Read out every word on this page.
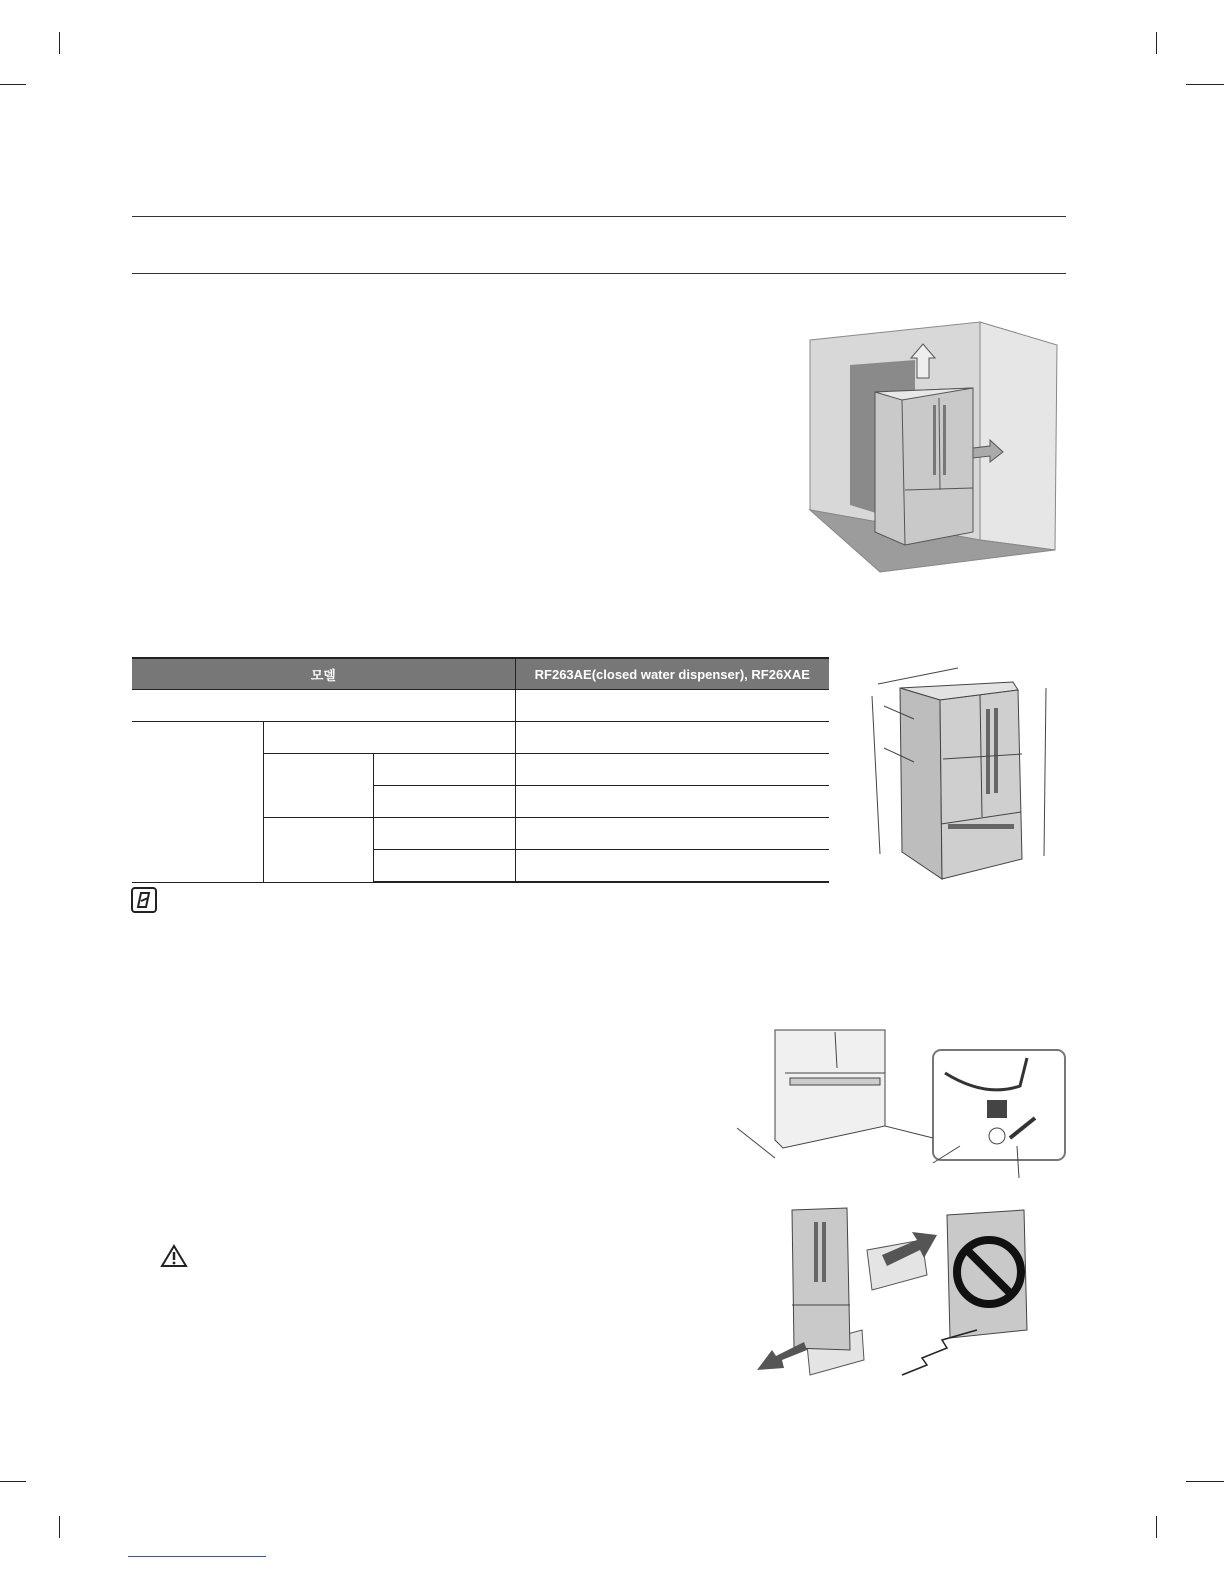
모델			RF263AE(closed water dispenser), RF26XAE
